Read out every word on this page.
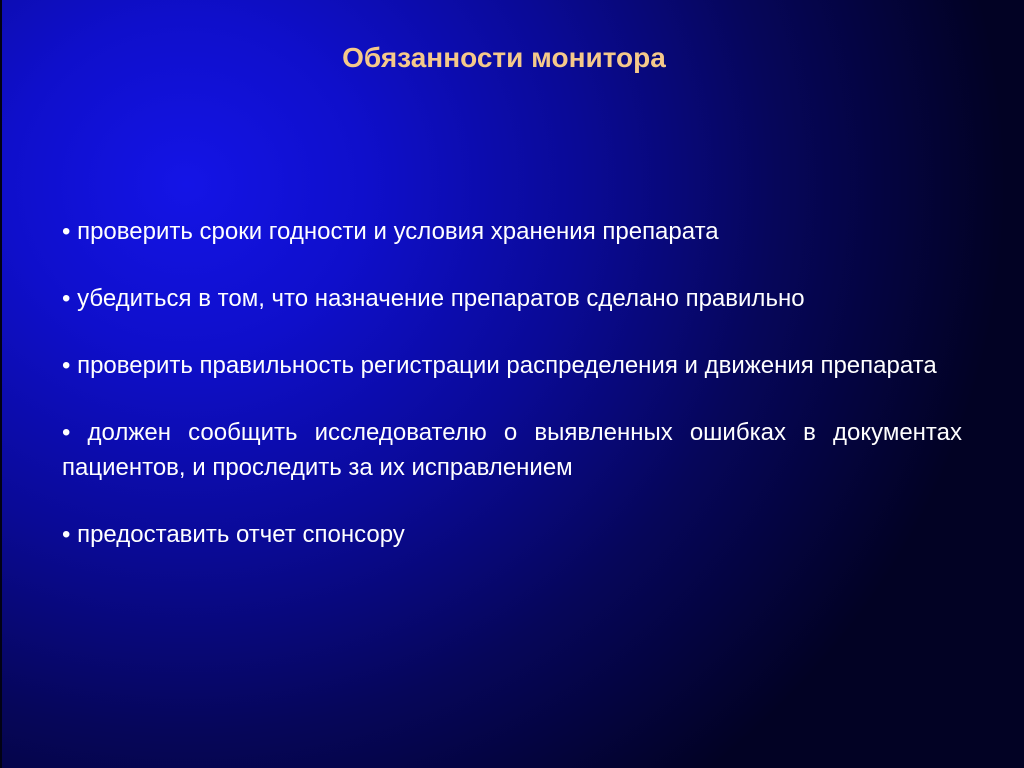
Обязанности монитора
• проверить сроки годности и условия хранения препарата
• убедиться в том, что назначение препаратов сделано правильно
• проверить правильность регистрации распределения и движения препарата
• должен сообщить исследователю о выявленных ошибках в документах пациентов, и проследить за их исправлением
• предоставить отчет спонсору
